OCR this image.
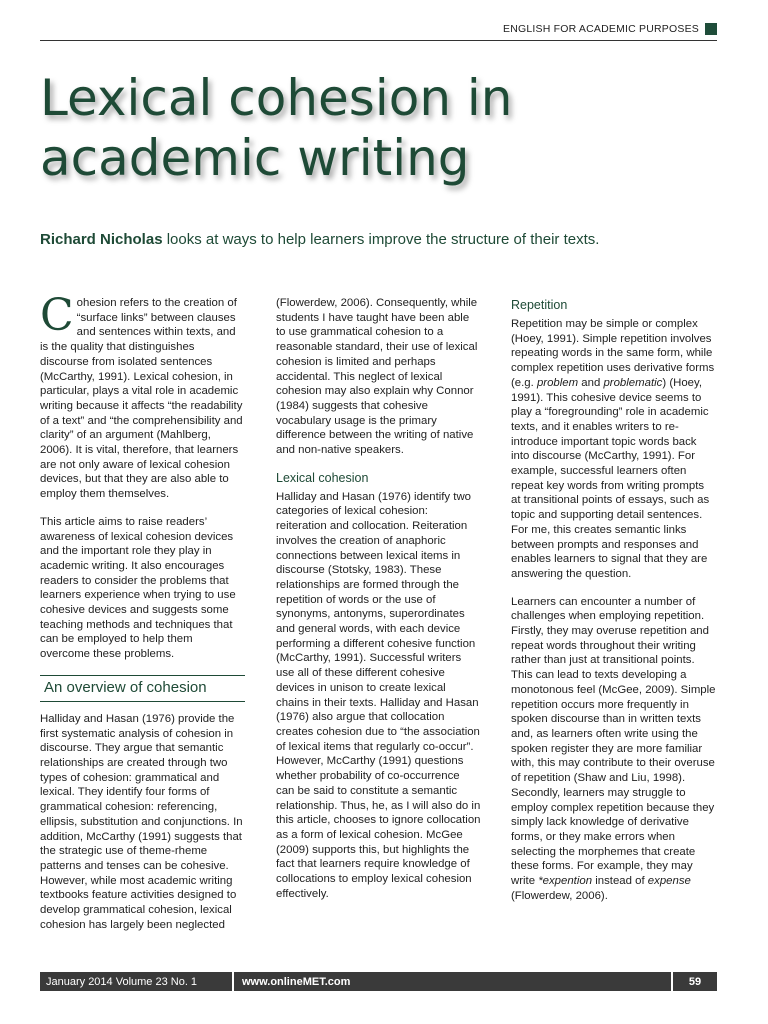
ENGLISH FOR ACADEMIC PURPOSES
Lexical cohesion in
academic writing
Richard Nicholas looks at ways to help learners improve the structure of their texts.

Cohesion refers to the creation of “surface links” between clauses and sentences within texts, and is the quality that distinguishes discourse from isolated sentences (McCarthy, 1991). Lexical cohesion, in particular, plays a vital role in academic writing because it affects “the readability of a text” and “the comprehensibility and clarity” of an argument (Mahlberg, 2006). It is vital, therefore, that learners are not only aware of lexical cohesion devices, but that they are also able to employ them themselves.

This article aims to raise readers’ awareness of lexical cohesion devices and the important role they play in academic writing. It also encourages readers to consider the problems that learners experience when trying to use cohesive devices and suggests some teaching methods and techniques that can be employed to help them overcome these problems.

An overview of cohesion

Halliday and Hasan (1976) provide the first systematic analysis of cohesion in discourse. They argue that semantic relationships are created through two types of cohesion: grammatical and lexical. They identify four forms of grammatical cohesion: referencing, ellipsis, substitution and conjunctions. In addition, McCarthy (1991) suggests that the strategic use of theme-rheme patterns and tenses can be cohesive. However, while most academic writing textbooks feature activities designed to develop grammatical cohesion, lexical cohesion has largely been neglected

(Flowerdew, 2006). Consequently, while students I have taught have been able to use grammatical cohesion to a reasonable standard, their use of lexical cohesion is limited and perhaps accidental. This neglect of lexical cohesion may also explain why Connor (1984) suggests that cohesive vocabulary usage is the primary difference between the writing of native and non-native speakers.

Lexical cohesion

Halliday and Hasan (1976) identify two categories of lexical cohesion: reiteration and collocation. Reiteration involves the creation of anaphoric connections between lexical items in discourse (Stotsky, 1983). These relationships are formed through the repetition of words or the use of synonyms, antonyms, superordinates and general words, with each device performing a different cohesive function (McCarthy, 1991). Successful writers use all of these different cohesive devices in unison to create lexical chains in their texts. Halliday and Hasan (1976) also argue that collocation creates cohesion due to “the association of lexical items that regularly co-occur”. However, McCarthy (1991) questions whether probability of co-occurrence can be said to constitute a semantic relationship. Thus, he, as I will also do in this article, chooses to ignore collocation as a form of lexical cohesion. McGee (2009) supports this, but highlights the fact that learners require knowledge of collocations to employ lexical cohesion effectively.

Repetition

Repetition may be simple or complex (Hoey, 1991). Simple repetition involves repeating words in the same form, while complex repetition uses derivative forms (e.g. problem and problematic) (Hoey, 1991). This cohesive device seems to play a “foregrounding” role in academic texts, and it enables writers to re-introduce important topic words back into discourse (McCarthy, 1991). For example, successful learners often repeat key words from writing prompts at transitional points of essays, such as topic and supporting detail sentences. For me, this creates semantic links between prompts and responses and enables learners to signal that they are answering the question.

Learners can encounter a number of challenges when employing repetition. Firstly, they may overuse repetition and repeat words throughout their writing rather than just at transitional points. This can lead to texts developing a monotonous feel (McGee, 2009). Simple repetition occurs more frequently in spoken discourse than in written texts and, as learners often write using the spoken register they are more familiar with, this may contribute to their overuse of repetition (Shaw and Liu, 1998). Secondly, learners may struggle to employ complex repetition because they simply lack knowledge of derivative forms, or they make errors when selecting the morphemes that create these forms. For example, they may write *expention instead of expense (Flowerdew, 2006).

January 2014 Volume 23 No. 1	www.onlineMET.com	59
